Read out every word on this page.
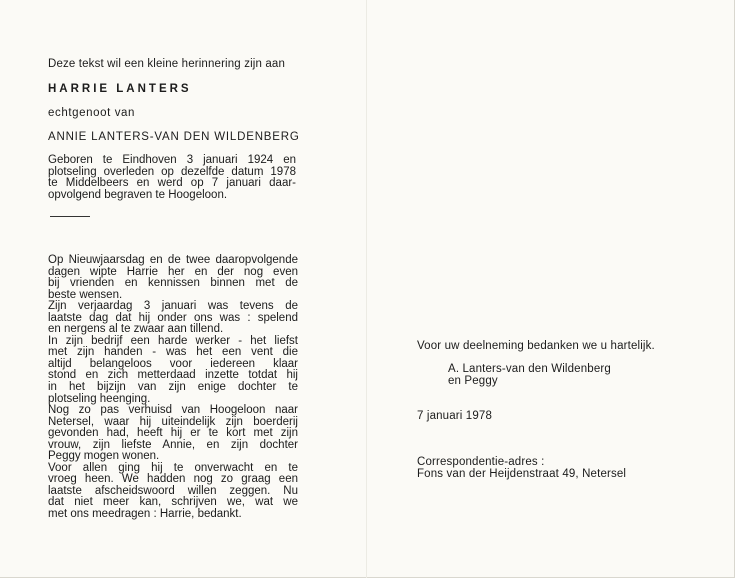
Deze tekst wil een kleine herinnering zijn aan
HARRIE LANTERS
echtgenoot van
ANNIE LANTERS-VAN DEN WILDENBERG
Geboren te Eindhoven 3 januari 1924 en
plotseling overleden op dezelfde datum 1978
te Middelbeers en werd op 7 januari daar-
opvolgend begraven te Hoogeloon.
Op Nieuwjaarsdag en de twee daaropvolgende
dagen wipte Harrie her en der nog even
bij vrienden en kennissen binnen met de
beste wensen.
Zijn verjaardag 3 januari was tevens de
laatste dag dat hij onder ons was : spelend
en nergens al te zwaar aan tillend.
In zijn bedrijf een harde werker - het liefst
met zijn handen - was het een vent die
altijd belangeloos voor iedereen klaar
stond en zich metterdaad inzette totdat hij
in het bijzijn van zijn enige dochter te
plotseling heenging.
Nog zo pas verhuisd van Hoogeloon naar
Netersel, waar hij uiteindelijk zijn boerderij
gevonden had, heeft hij er te kort met zijn
vrouw, zijn liefste Annie, en zijn dochter
Peggy mogen wonen.
Voor allen ging hij te onverwacht en te
vroeg heen. We hadden nog zo graag een
laatste afscheidswoord willen zeggen. Nu
dat niet meer kan, schrijven we, wat we
met ons meedragen : Harrie, bedankt.
Voor uw deelneming bedanken we u hartelijk.
A. Lanters-van den Wildenberg
en Peggy
7 januari 1978
Correspondentie-adres :
Fons van der Heijdenstraat 49, Netersel
